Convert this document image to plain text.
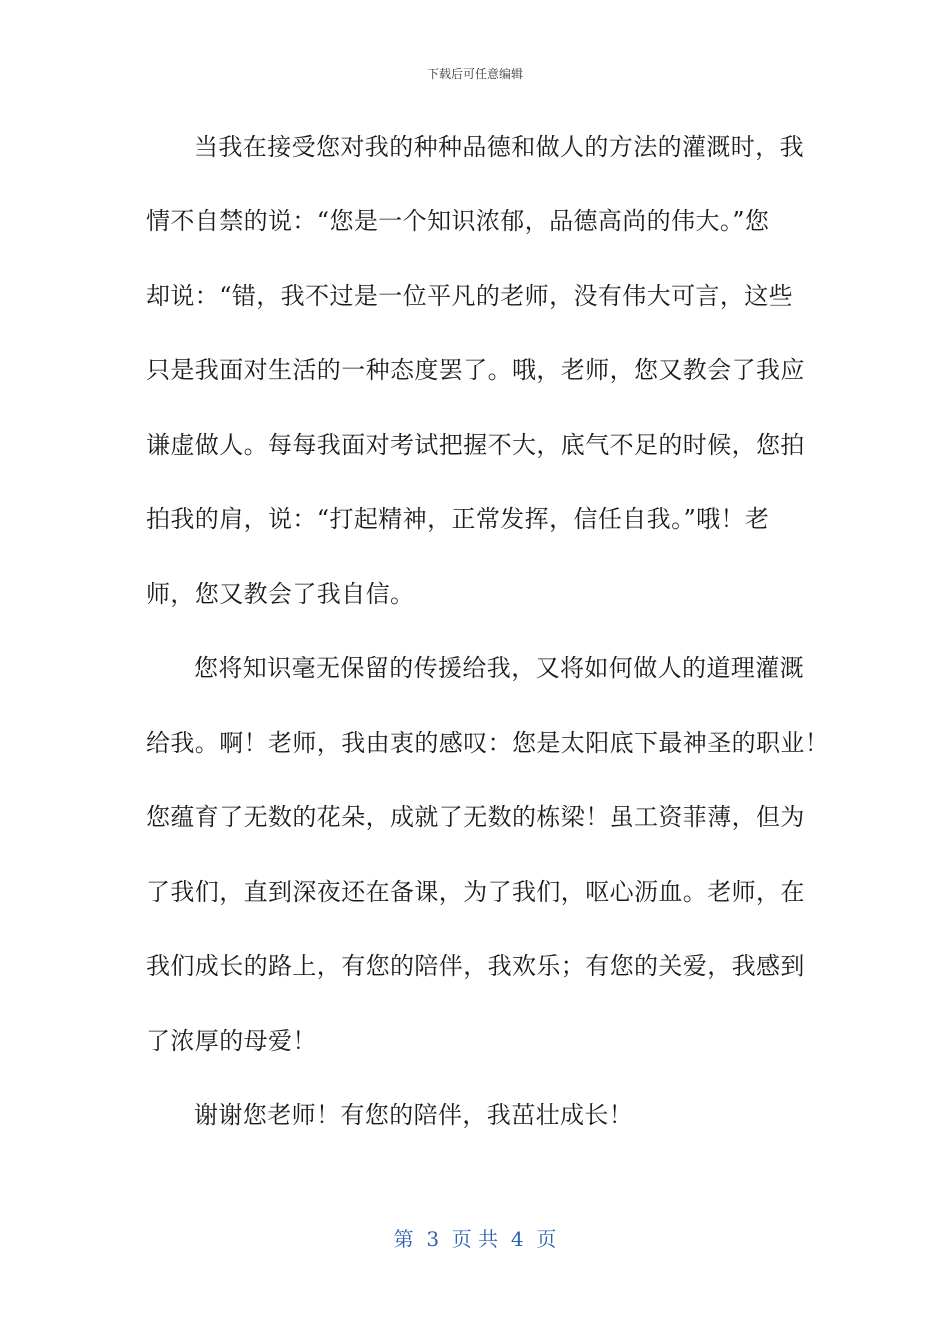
下载后可任意编辑
当我在接受您对我的种种品德和做人的方法的灌溉时，我
情不自禁的说：“您是一个知识浓郁，品德高尚的伟大。”您
却说：“错，我不过是一位平凡的老师，没有伟大可言，这些
只是我面对生活的一种态度罢了。哦，老师，您又教会了我应
谦虚做人。每每我面对考试把握不大，底气不足的时候，您拍
拍我的肩，说：“打起精神，正常发挥，信任自我。”哦！老
师，您又教会了我自信。
您将知识毫无保留的传援给我，又将如何做人的道理灌溉
给我。啊！老师，我由衷的感叹：您是太阳底下最神圣的职业！
您蕴育了无数的花朵，成就了无数的栋梁！虽工资菲薄，但为
了我们，直到深夜还在备课，为了我们，呕心沥血。老师，在
我们成长的路上，有您的陪伴，我欢乐；有您的关爱，我感到
了浓厚的母爱！
谢谢您老师！有您的陪伴，我茁壮成长！
第  3  页 共  4  页
